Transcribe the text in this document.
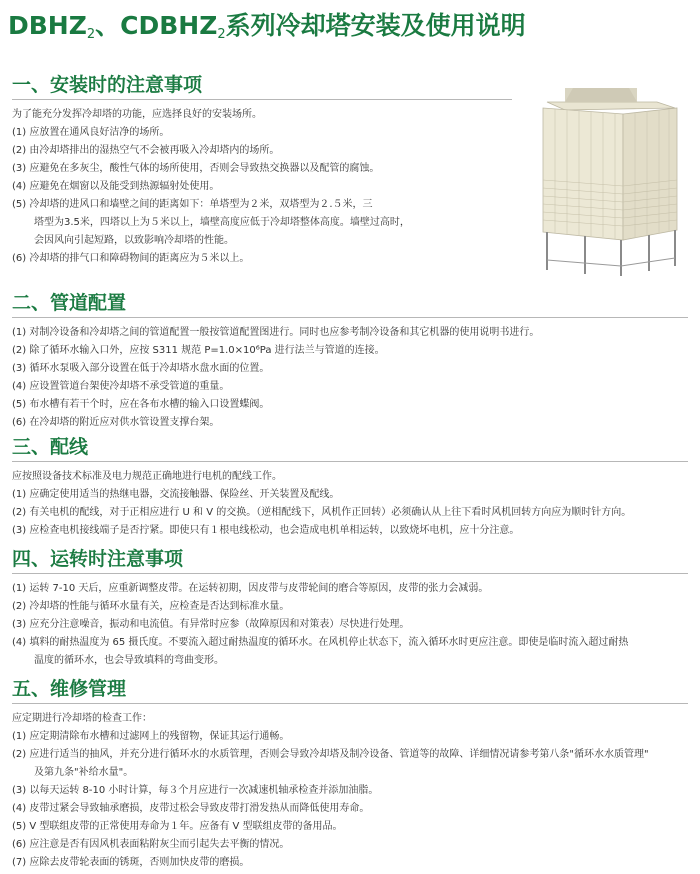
$DBHZ_2$、$CDBHZ_2$系列冷却塔安装及使用说明
一、安装时的注意事项
为了能充分发挥冷却塔的功能，应选择良好的安装场所。
(1) 应放置在通风良好洁净的场所。
(2) 由冷却塔排出的湿热空气不会被再吸入冷却塔内的场所。
(3) 应避免在多灰尘，酸性气体的场所使用，否则会导致热交换器以及配管的腐蚀。
(4) 应避免在烟窗以及能受到热源辐射处使用。
(5) 冷却塔的进风口和墙壁之间的距离如下：单塔型为２米，双塔型为２.５米，三
塔型为3.5米，四塔以上为５米以上，墙壁高度应低于冷却塔整体高度。墙壁过高时，
会因风向引起短路，以致影响冷却塔的性能。
(6) 冷却塔的排气口和障碍物间的距离应为５米以上。
二、管道配置
(1) 对制冷设备和冷却塔之间的管道配置一般按管道配置图进行。同时也应参考制冷设备和其它机器的使用说明书进行。
(2) 除了循环水输入口外，应按 S311 规范 P=1.0×10⁶Pa 进行法兰与管道的连接。
(3) 循环水泵吸入部分设置在低于冷却塔水盘水面的位置。
(4) 应设置管道台架使冷却塔不承受管道的重量。
(5) 布水槽有若干个时，应在各布水槽的输入口设置蝶阀。
(6) 在冷却塔的附近应对供水管设置支撑台架。
三、配线
应按照设备技术标准及电力规范正确地进行电机的配线工作。
(1) 应确定使用适当的热继电器，交流接触器、保险丝、开关装置及配线。
(2) 有关电机的配线，对于正相应进行 U 和 V 的交换。（逆相配线下，风机作正回转）必须确认从上往下看时风机回转方向应为顺时针方向。
(3) 应检查电机接线端子是否拧紧。即使只有１根电线松动，也会造成电机单相运转，以致烧坏电机，应十分注意。
四、运转时注意事项
(1) 运转 7-10 天后，应重新调整皮带。在运转初期，因皮带与皮带轮间的磨合等原因，皮带的张力会减弱。
(2) 冷却塔的性能与循环水量有关，应检查是否达到标准水量。
(3) 应充分注意噪音，振动和电流值。有异常时应参（故障原因和对策表）尽快进行处理。
(4) 填料的耐热温度为 65 摄氏度。不要流入超过耐热温度的循环水。在风机停止状态下，流入循环水时更应注意。即使是临时流入超过耐热
温度的循环水，也会导致填料的弯曲变形。
五、维修管理
应定期进行冷却塔的检查工作：
(1) 应定期清除布水槽和过滤网上的残留物，保证其运行通畅。
(2) 应进行适当的抽风，并充分进行循环水的水质管理，否则会导致冷却塔及制冷设备、管道等的故障、详细情况请参考第八条"循环水水质管理"
及第九条"补给水量"。
(3) 以每天运转 8-10 小时计算，每３个月应进行一次减速机轴承检查并添加油脂。
(4) 皮带过紧会导致轴承磨损，皮带过松会导致皮带打滑发热从而降低使用寿命。
(5) V 型联组皮带的正常使用寿命为１年。应备有 V 型联组皮带的备用品。
(6) 应注意是否有因风机表面粘附灰尘而引起失去平衡的情况。
(7) 应除去皮带轮表面的锈斑，否则加快皮带的磨损。
